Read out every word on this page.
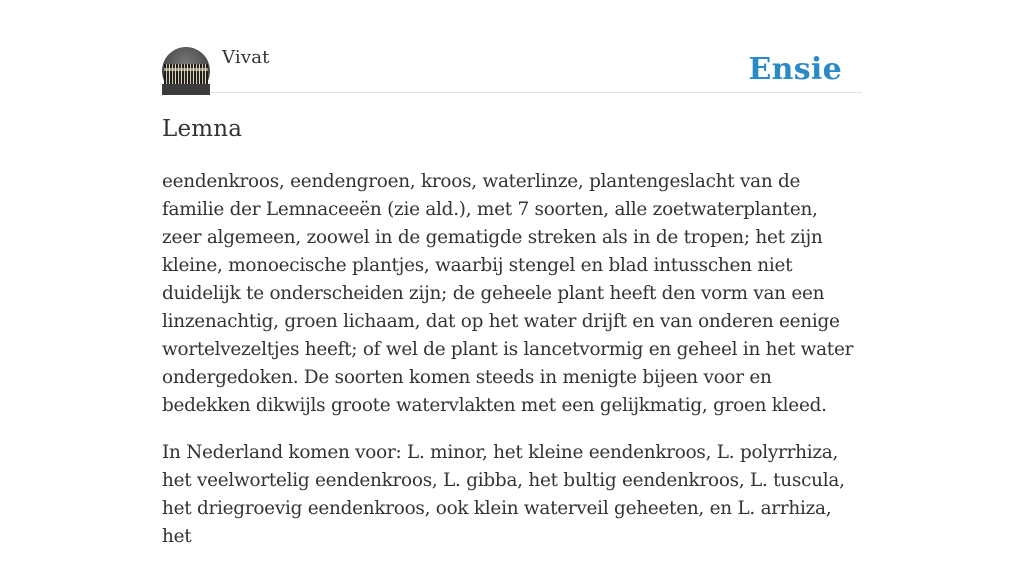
Vivat	Ensie
Lemna

eendenkroos, eendengroen, kroos, waterlinze, plantengeslacht van de familie der Lemnaceeën (zie ald.), met 7 soorten, alle zoetwaterplanten, zeer algemeen, zoowel in de gematigde streken als in de tropen; het zijn kleine, monoecische plantjes, waarbij stengel en blad intusschen niet duidelijk te onderscheiden zijn; de geheele plant heeft den vorm van een linzenachtig, groen lichaam, dat op het water drijft en van onderen eenige wortelvezeltjes heeft; of wel de plant is lancetvormig en geheel in het water ondergedoken. De soorten komen steeds in menigte bijeen voor en bedekken dikwijls groote watervlakten met een gelijkmatig, groen kleed.

In Nederland komen voor: L. minor, het kleine eendenkroos, L. polyrrhiza, het veelwortelig eendenkroos, L. gibba, het bultig eendenkroos, L. tuscula, het driegroevig eendenkroos, ook klein waterveil geheeten, en L. arrhiza, het
